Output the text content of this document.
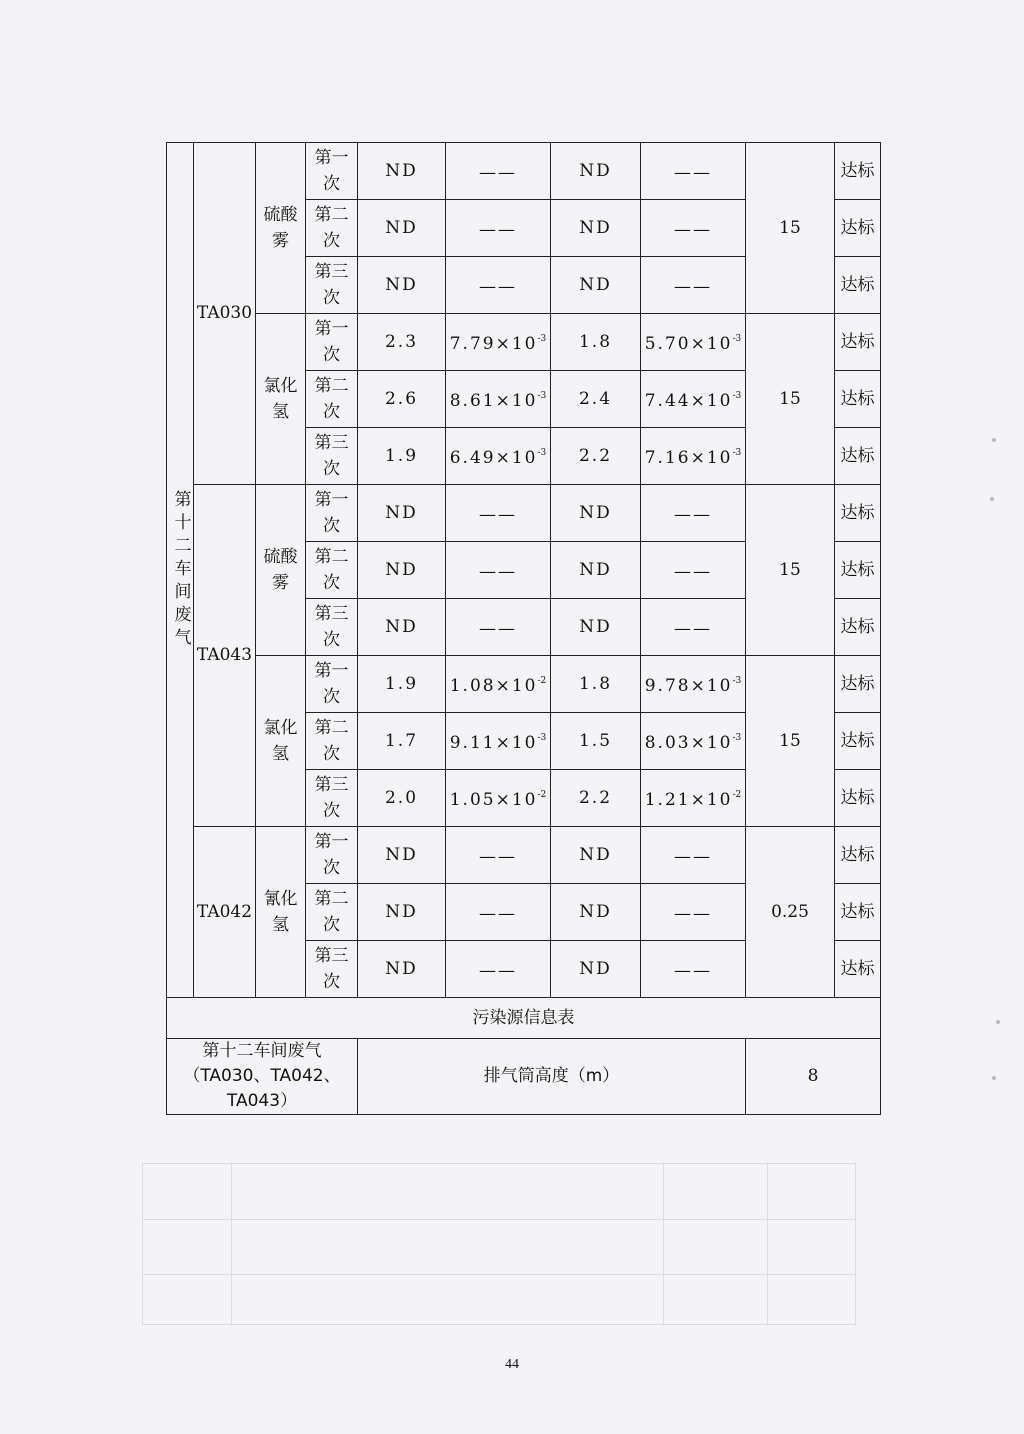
第十二车间废气	TA030	硫酸雾	第一次	ND	——	ND	——	15	达标
			第二次	ND	——	ND	——		达标
			第三次	ND	——	ND	——		达标
		氯化氢	第一次	2.3	$7.79\times 10^{-3}$	1.8	$5.70\times 10^{-3}$	15	达标
			第二次	2.6	$8.61\times 10^{-3}$	2.4	$7.44\times 10^{-3}$		达标
			第三次	1.9	$6.49\times 10^{-3}$	2.2	$7.16\times 10^{-3}$		达标
	TA043	硫酸雾	第一次	ND	——	ND	——	15	达标
			第二次	ND	——	ND	——		达标
			第三次	ND	——	ND	——		达标
		氯化氢	第一次	1.9	$1.08\times 10^{-2}$	1.8	$9.78\times 10^{-3}$	15	达标
			第二次	1.7	$9.11\times 10^{-3}$	1.5	$8.03\times 10^{-3}$		达标
			第三次	2.0	$1.05\times 10^{-2}$	2.2	$1.21\times 10^{-2}$		达标
	TA042	氰化氢	第一次	ND	——	ND	——	0.25	达标
			第二次	ND	——	ND	——		达标
			第三次	ND	——	ND	——		达标
污染源信息表									
第十二车间废气（TA030、TA042、TA043）				排气筒高度（m）				8	
44
